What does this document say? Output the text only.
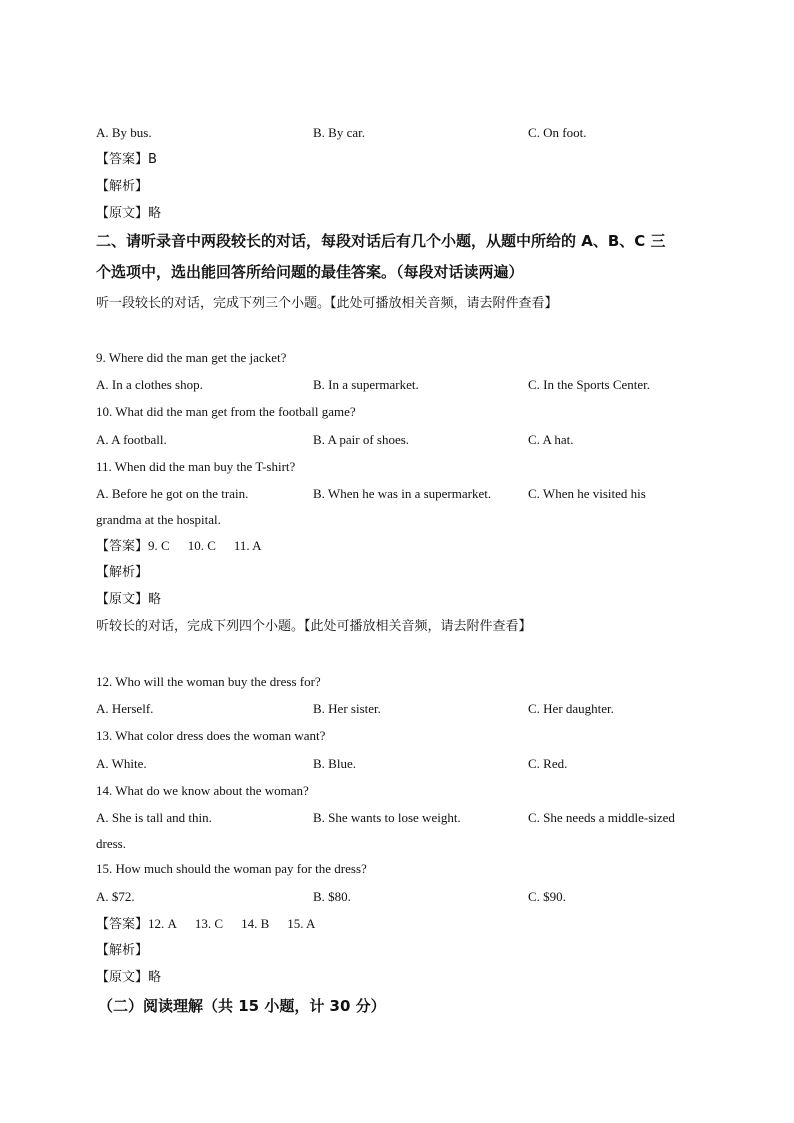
A. By bus.	B. By car.	C. On foot.
【答案】B
【解析】
【原文】略
二、请听录音中两段较长的对话，每段对话后有几个小题，从题中所给的 A、B、C 三
个选项中，选出能回答所给问题的最佳答案。（每段对话读两遍）
听一段较长的对话，完成下列三个小题。【此处可播放相关音频，请去附件查看】
9. Where did the man get the jacket?
A. In a clothes shop.	B. In a supermarket.	C. In the Sports Center.
10. What did the man get from the football game?
A. A football.	B. A pair of shoes.	C. A hat.
11. When did the man buy the T-shirt?
A. Before he got on the train.	B. When he was in a supermarket.	C. When he visited his
grandma at the hospital.
【答案】9. C 10. C 11. A
【解析】
【原文】略
听较长的对话，完成下列四个小题。【此处可播放相关音频，请去附件查看】
12. Who will the woman buy the dress for?
A. Herself.	B. Her sister.	C. Her daughter.
13. What color dress does the woman want?
A. White.	B. Blue.	C. Red.
14. What do we know about the woman?
A. She is tall and thin.	B. She wants to lose weight.	C. She needs a middle-sized
dress.
15. How much should the woman pay for the dress?
A. $72.	B. $80.	C. $90.
【答案】12. A 13. C 14. B 15. A
【解析】
【原文】略
（二）阅读理解（共 15 小题，计 30 分）
